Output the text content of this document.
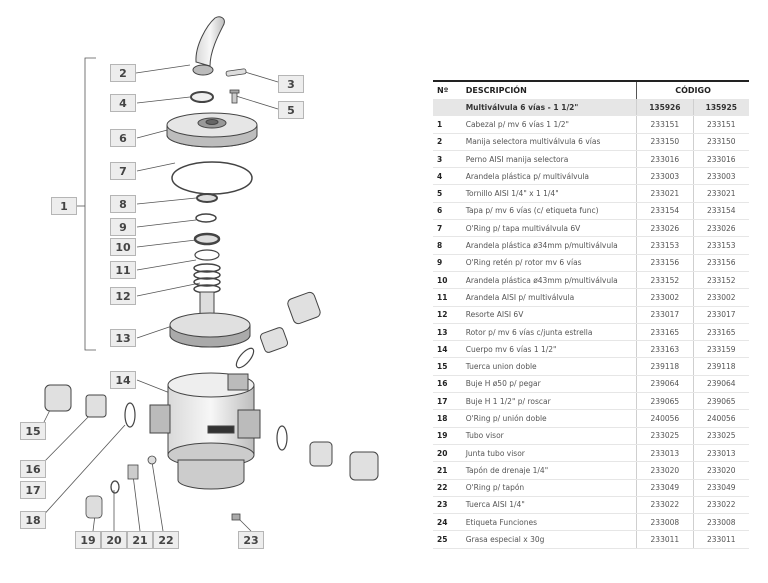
1
2
3
4
5
6
7
8
9
10
11
12
13
14
15
16
17
18
19 20 21 22	23
Nº	DESCRIPCIÓN	CÓDIGO	
	Multiválvula 6 vías - 1 1/2"	135926	135925
1	Cabezal p/ mv 6 vías 1 1/2"	233151	233151
2	Manija selectora multiválvula 6 vías	233150	233150
3	Perno AISI manija selectora	233016	233016
4	Arandela plástica p/ multiválvula	233003	233003
5	Tornillo AISI 1/4" x 1 1/4"	233021	233021
6	Tapa p/ mv 6 vías (c/ etiqueta func)	233154	233154
7	O'Ring p/ tapa multiválvula 6V	233026	233026
8	Arandela plástica ø34mm p/multiválvula	233153	233153
9	O'Ring retén p/ rotor mv 6 vías	233156	233156
10	Arandela plástica ø43mm p/multiválvula	233152	233152
11	Arandela AISI p/ multiválvula	233002	233002
12	Resorte AISI 6V	233017	233017
13	Rotor p/ mv 6 vías c/junta estrella	233165	233165
14	Cuerpo mv 6 vías 1 1/2"	233163	233159
15	Tuerca union doble	239118	239118
16	Buje H ø50 p/ pegar	239064	239064
17	Buje H 1 1/2" p/ roscar	239065	239065
18	O'Ring p/ unión doble	240056	240056
19	Tubo visor	233025	233025
20	Junta tubo visor	233013	233013
21	Tapón de drenaje 1/4"	233020	233020
22	O'Ring p/ tapón	233049	233049
23	Tuerca AISI 1/4"	233022	233022
24	Etiqueta Funciones	233008	233008
25	Grasa especial x 30g	233011	233011
